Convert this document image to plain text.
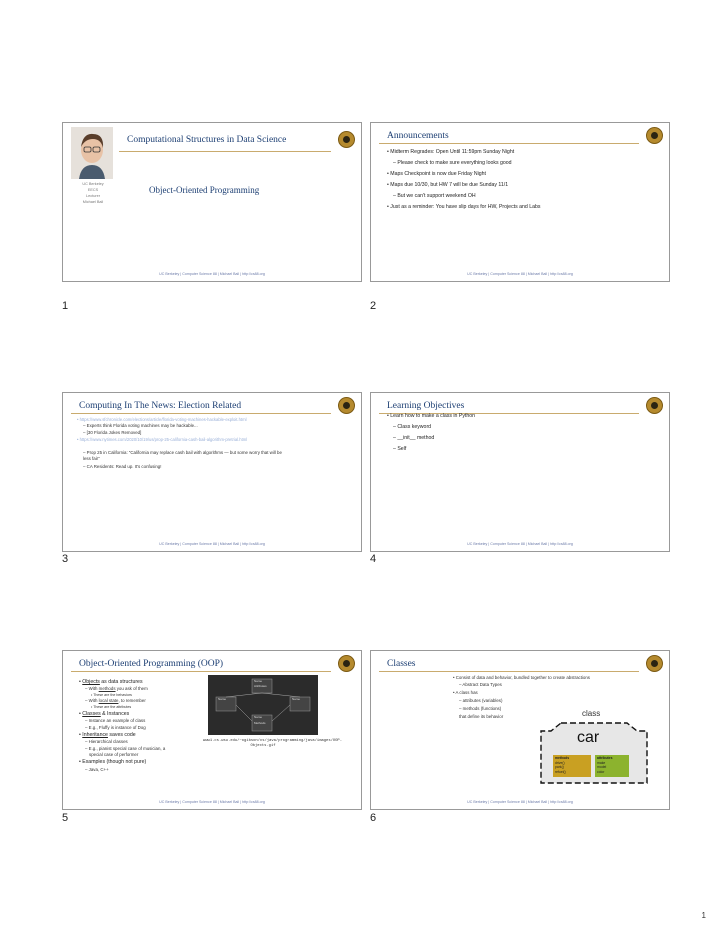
Computational Structures in Data Science
UC Berkeley
EECS
Lecturer
Michael Ball
Object-Oriented Programming
UC Berkeley | Computer Science 88 | Michael Ball | http://cs88.org
1
Announcements
• Midterm Regrades: Open Until 11:59pm Sunday Night
– Please check to make sure everything looks good
• Maps Checkpoint is now due Friday Night
• Maps due 10/30, but HW 7 will be due Sunday 11/1
– But we can't support weekend OH
• Just as a reminder: You have slip days for HW, Projects and Labs
UC Berkeley | Computer Science 88 | Michael Ball | http://cs88.org
2
Computing In The News: Election Related
• https://www.sfchronicle.com/elections/article/florida-voting-machines-hackable-exploit.html
– Experts think Florida voting machines may be hackable...
– [30 Florida Jokes Removed]
• https://www.nytimes.com/2020/10/19/us/prop-25-california-cash-bail-algorithm-pretrial.html
– Prop 25 in California: “California may replace cash bail with algorithms — but some worry that will be less fair”
– CA Residents: Read up. It's confusing!
UC Berkeley | Computer Science 88 | Michael Ball | http://cs88.org
3
Learning Objectives
• Learn how to make a class in Python
– Class keyword
– __init__ method
– Self
UC Berkeley | Computer Science 88 | Michael Ball | http://cs88.org
4
Object-Oriented Programming (OOP)
• Objects as data structures
– With methods you ask of them
• These are the behaviors
– With local state, to remember
• These are the attributes
• Classes & Instances
– Instance an example of class
– E.g., Fluffy is instance of Dog
• Inheritance saves code
– Hierarchical classes
– E.g., pianist special case of musician, a
special case of performer
• Examples (though not pure)
– Java, C++
Name
Attributes
Name	Name
Name
Methods
www1.cs.wsu.edu/~ogibson/cs/java/programming/java/images/OOP-Objects.gif
UC Berkeley | Computer Science 88 | Michael Ball | http://cs88.org
5
Classes
• Consist of data and behavior, bundled together to create abstractions
– Abstract Data Types
• A class has
– attributes (variables)
– methods (functions)
that define its behavior	class
car
methods
drive()
park()
refuel()
attributes
make
model
color
UC Berkeley | Computer Science 88 | Michael Ball | http://cs88.org
6
1
